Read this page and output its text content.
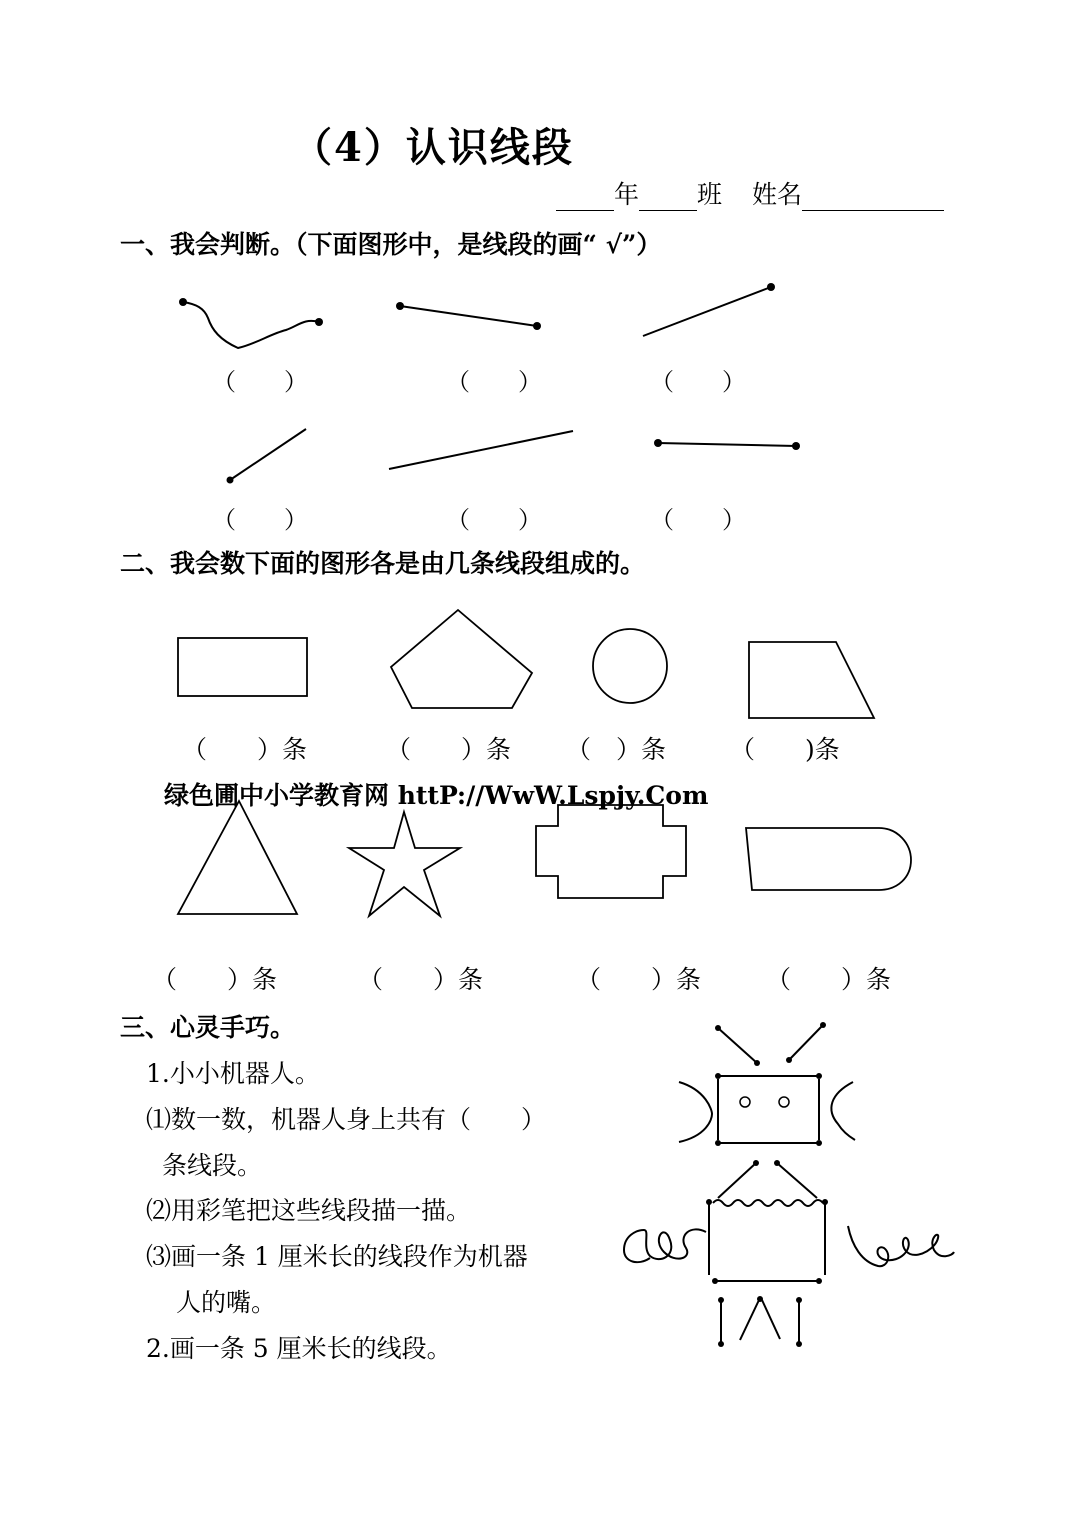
（4）认识线段
年 班 姓名
一、我会判断。（下面图形中，是线段的画“ √”）
（　　）	（　　）	（　　）
（　　）	（　　）	（　　）
二、我会数下面的图形各是由几条线段组成的。
（　　）条	（　　）条 （　）条	（　　)条
绿色圃中小学教育网 httP://WwW.Lspjy.Com
（　　）条	（　　）条	（　　）条	（　　）条
三、心灵手巧。
1.小小机器人。
⑴数一数，机器人身上共有（　　）
条线段。
⑵用彩笔把这些线段描一描。
⑶画一条 1 厘米长的线段作为机器
人的嘴。
2.画一条 5 厘米长的线段。
